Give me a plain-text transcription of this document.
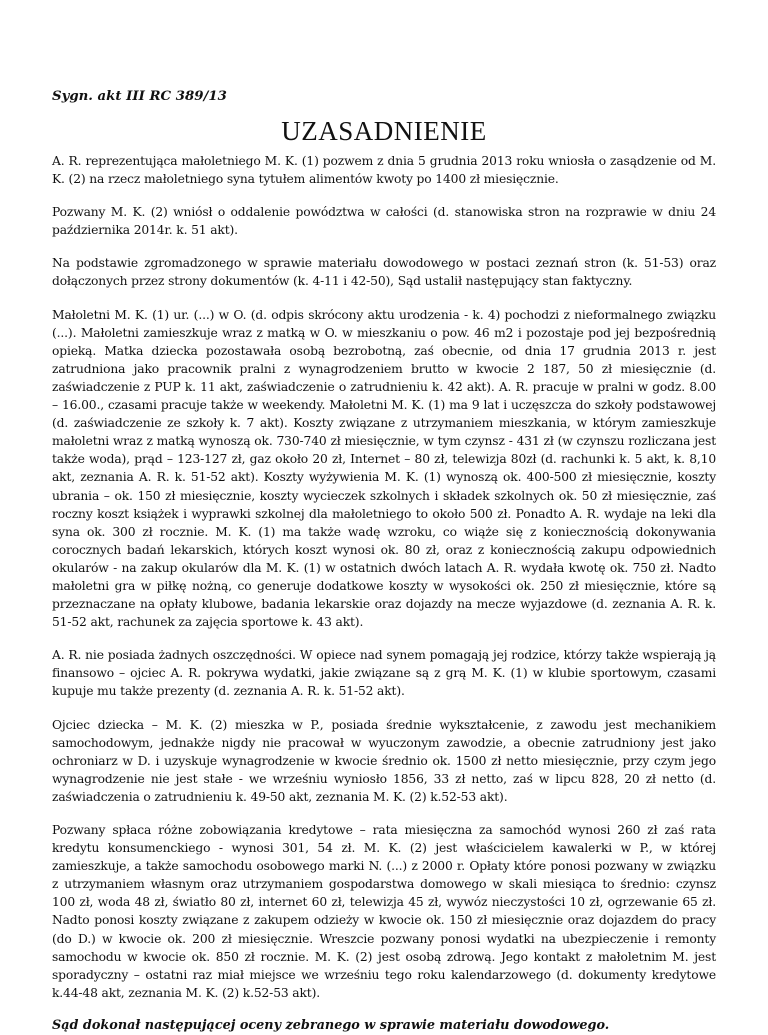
Sygn. akt III RC 389/13

UZASADNIENIE

A. R. reprezentująca małoletniego M. K. (1) pozwem z dnia 5 grudnia 2013 roku wniosła o zasądzenie od M. K. (2) na rzecz małoletniego syna tytułem alimentów kwoty po 1400 zł miesięcznie.

Pozwany M. K. (2) wniósł o oddalenie powództwa w całości (d. stanowiska stron na rozprawie w dniu 24 października 2014r. k. 51 akt).

Na podstawie zgromadzonego w sprawie materiału dowodowego w postaci zeznań stron (k. 51-53) oraz dołączonych przez strony dokumentów (k. 4-11 i 42-50), Sąd ustalił następujący stan faktyczny.

Małoletni M. K. (1) ur. (...) w O. (d. odpis skrócony aktu urodzenia - k. 4) pochodzi z nieformalnego związku (...). Małoletni zamieszkuje wraz z matką w O. w mieszkaniu o pow. 46 m2 i pozostaje pod jej bezpośrednią opieką. Matka dziecka pozostawała osobą bezrobotną, zaś obecnie, od dnia 17 grudnia 2013 r. jest zatrudniona jako pracownik pralni z wynagrodzeniem brutto w kwocie 2 187, 50 zł miesięcznie (d. zaświadczenie z PUP k. 11 akt, zaświadczenie o zatrudnieniu k. 42 akt). A. R. pracuje w pralni w godz. 8.00 – 16.00., czasami pracuje także w weekendy. Małoletni M. K. (1) ma 9 lat i uczęszcza do szkoły podstawowej (d. zaświadczenie ze szkoły k. 7 akt). Koszty związane z utrzymaniem mieszkania, w którym zamieszkuje małoletni wraz z matką wynoszą ok. 730-740 zł miesięcznie, w tym czynsz - 431 zł (w czynszu rozliczana jest także woda), prąd – 123-127 zł, gaz około 20 zł, Internet – 80 zł, telewizja 80zł (d. rachunki k. 5 akt, k. 8,10 akt, zeznania A. R. k. 51-52 akt). Koszty wyżywienia M. K. (1) wynoszą ok. 400-500 zł miesięcznie, koszty ubrania – ok. 150 zł miesięcznie, koszty wycieczek szkolnych i składek szkolnych ok. 50 zł miesięcznie, zaś roczny koszt książek i wyprawki szkolnej dla małoletniego to około 500 zł. Ponadto A. R. wydaje na leki dla syna ok. 300 zł rocznie. M. K. (1) ma także wadę wzroku, co wiąże się z koniecznością dokonywania corocznych badań lekarskich, których koszt wynosi ok. 80 zł, oraz z koniecznością zakupu odpowiednich okularów - na zakup okularów dla M. K. (1) w ostatnich dwóch latach A. R. wydała kwotę ok. 750 zł. Nadto małoletni gra w piłkę nożną, co generuje dodatkowe koszty w wysokości ok. 250 zł miesięcznie, które są przeznaczane na opłaty klubowe, badania lekarskie oraz dojazdy na mecze wyjazdowe (d. zeznania A. R. k. 51-52 akt, rachunek za zajęcia sportowe k. 43 akt).

A. R. nie posiada żadnych oszczędności. W opiece nad synem pomagają jej rodzice, którzy także wspierają ją finansowo – ojciec A. R. pokrywa wydatki, jakie związane są z grą M. K. (1) w klubie sportowym, czasami kupuje mu także prezenty (d. zeznania A. R. k. 51-52 akt).

Ojciec dziecka – M. K. (2) mieszka w P., posiada średnie wykształcenie, z zawodu jest mechanikiem samochodowym, jednakże nigdy nie pracował w wyuczonym zawodzie, a obecnie zatrudniony jest jako ochroniarz w D. i uzyskuje wynagrodzenie w kwocie średnio ok. 1500 zł netto miesięcznie, przy czym jego wynagrodzenie nie jest stałe - we wrześniu wyniosło 1856, 33 zł netto, zaś w lipcu 828, 20 zł netto (d. zaświadczenia o zatrudnieniu k. 49-50 akt, zeznania M. K. (2) k.52-53 akt).

Pozwany spłaca różne zobowiązania kredytowe – rata miesięczna za samochód wynosi 260 zł zaś rata kredytu konsumenckiego - wynosi 301, 54 zł. M. K. (2) jest właścicielem kawalerki w P., w której zamieszkuje, a także samochodu osobowego marki N. (...) z 2000 r. Opłaty które ponosi pozwany w związku z utrzymaniem własnym oraz utrzymaniem gospodarstwa domowego w skali miesiąca to średnio: czynsz 100 zł, woda 48 zł, światło 80 zł, internet 60 zł, telewizja 45 zł, wywóz nieczystości 10 zł, ogrzewanie 65 zł. Nadto ponosi koszty związane z zakupem odzieży w kwocie ok. 150 zł miesięcznie oraz dojazdem do pracy (do D.) w kwocie ok. 200 zł miesięcznie. Wreszcie pozwany ponosi wydatki na ubezpieczenie i remonty samochodu w kwocie ok. 850 zł rocznie. M. K. (2) jest osobą zdrową. Jego kontakt z małoletnim M. jest sporadyczny – ostatni raz miał miejsce we wrześniu tego roku kalendarzowego (d. dokumenty kredytowe k.44-48 akt, zeznania M. K. (2) k.52-53 akt).

Sąd dokonał następującej oceny zebranego w sprawie materiału dowodowego.
